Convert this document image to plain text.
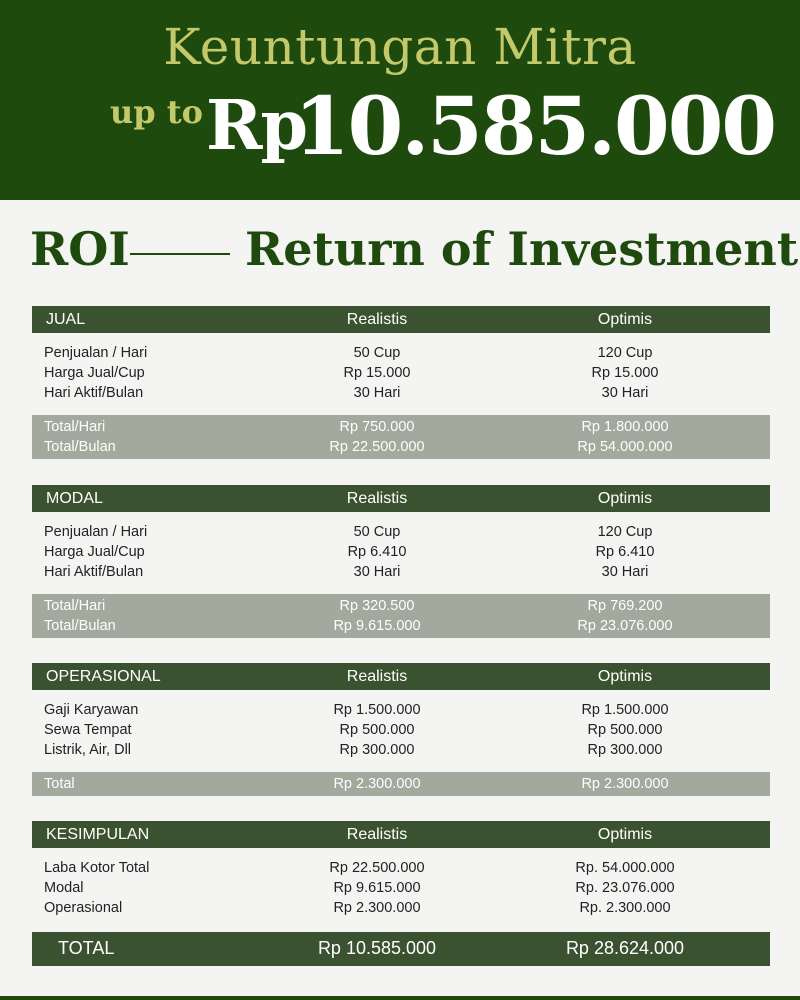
Keuntungan Mitra
up to Rp
10.585.000
ROI	Return of Investment
JUAL	Realistis	Optimis
Penjualan / Hari	50 Cup	120 Cup
Harga Jual/Cup	Rp 15.000	Rp 15.000
Hari Aktif/Bulan	30 Hari	30 Hari
Total/Hari	Rp 750.000	Rp 1.800.000
Total/Bulan	Rp 22.500.000	Rp 54.000.000
MODAL	Realistis	Optimis
Penjualan / Hari	50 Cup	120 Cup
Harga Jual/Cup	Rp 6.410	Rp 6.410
Hari Aktif/Bulan	30 Hari	30 Hari
Total/Hari	Rp 320.500	Rp 769.200
Total/Bulan	Rp 9.615.000	Rp 23.076.000
OPERASIONAL	Realistis	Optimis
Gaji Karyawan	Rp 1.500.000	Rp 1.500.000
Sewa Tempat	Rp 500.000	Rp 500.000
Listrik, Air, Dll	Rp 300.000	Rp 300.000
Total	Rp 2.300.000	Rp 2.300.000
KESIMPULAN	Realistis	Optimis
Laba Kotor Total	Rp 22.500.000	Rp. 54.000.000
Modal	Rp 9.615.000	Rp. 23.076.000
Operasional	Rp 2.300.000	Rp. 2.300.000
TOTAL	Rp 10.585.000	Rp 28.624.000
